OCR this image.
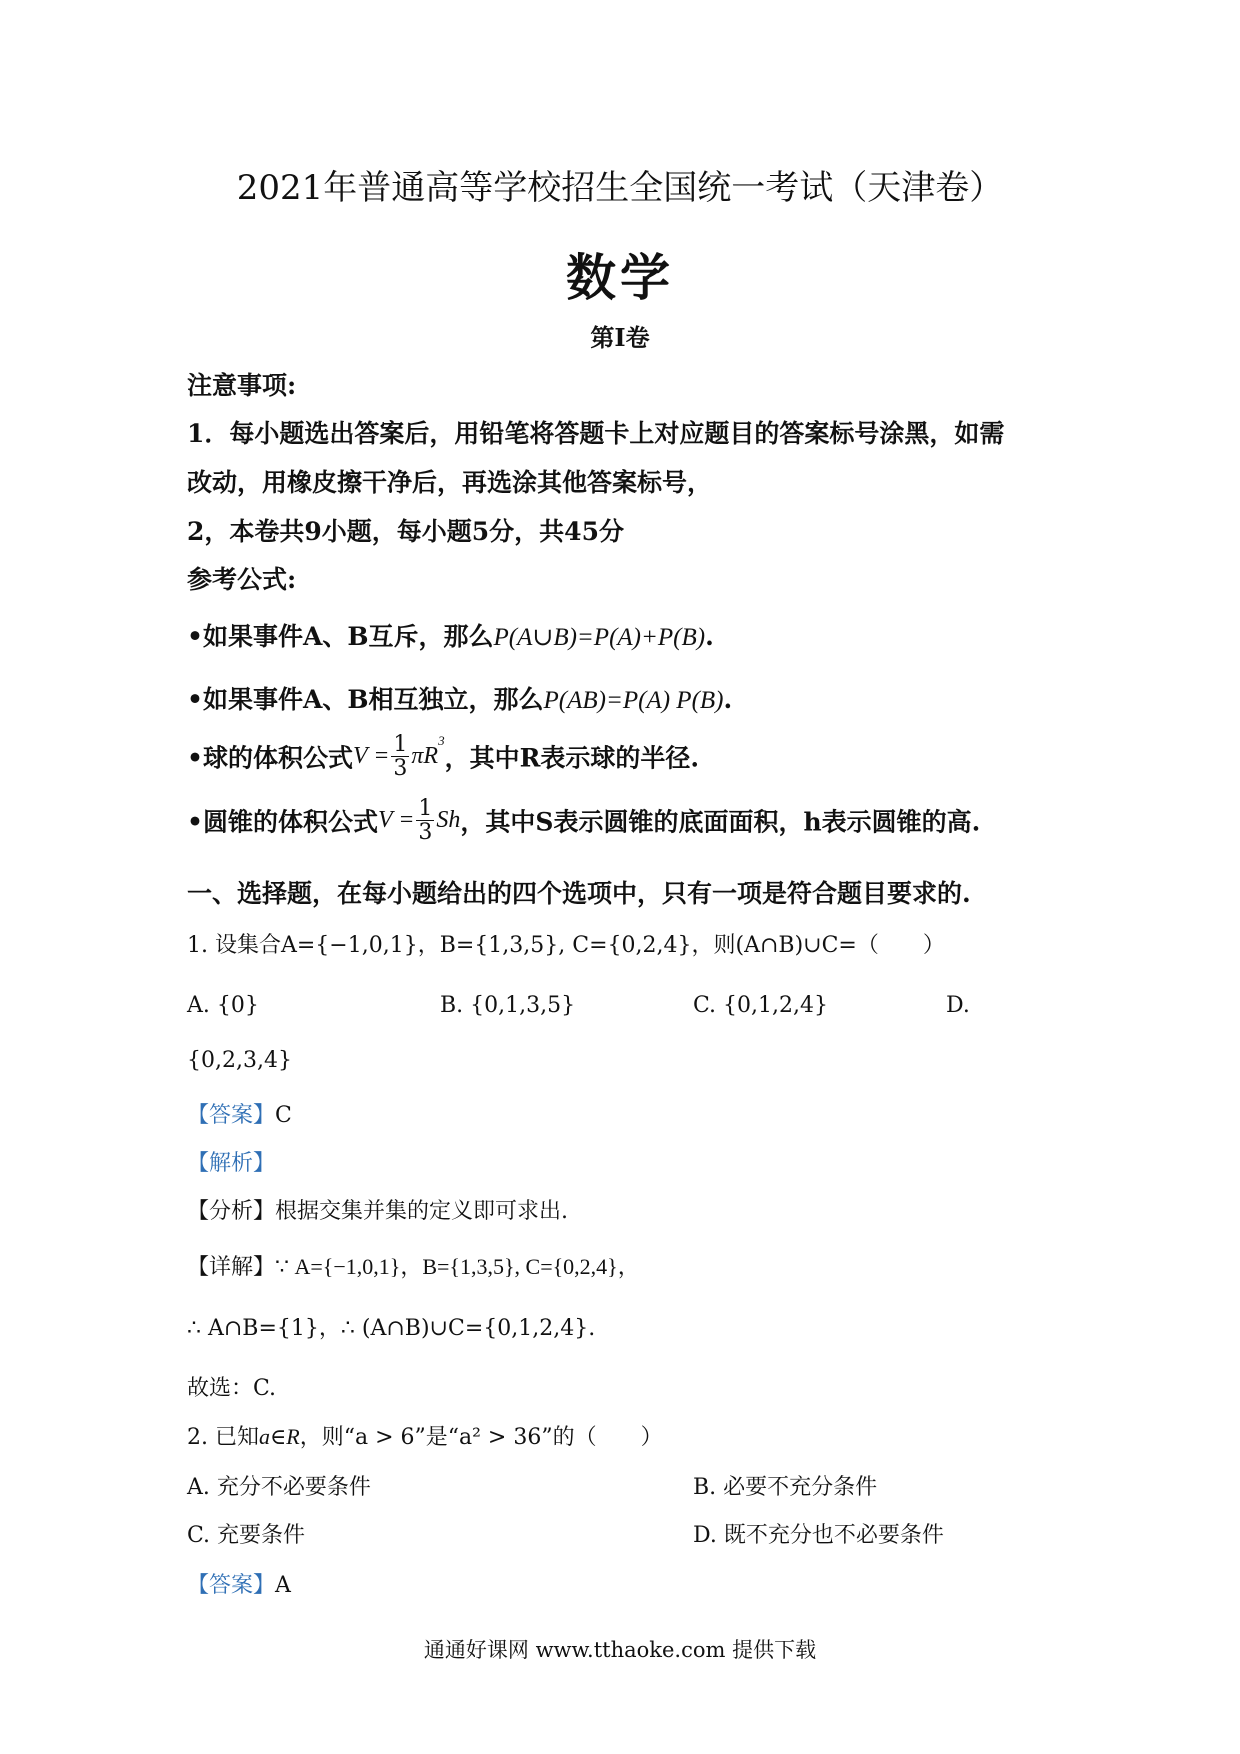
2021年普通高等学校招生全国统一考试（天津卷）
数学
第I卷
注意事项:
1．每小题选出答案后，用铅笔将答题卡上对应题目的答案标号涂黑，如需
改动，用橡皮擦干净后，再选涂其他答案标号，
2，本卷共9小题，每小题5分，共45分
参考公式:
•如果事件A、B互斥，那么P(A∪B)=P(A)+P(B).
•如果事件A、B相互独立，那么P(AB)=P(A) P(B).
•球的体积公式$V = \frac{1}{3} \pi R^3$，其中R表示球的半径.
•圆锥的体积公式$V = \frac{1}{3}$ Sh，其中S表示圆锥的底面面积，h表示圆锥的高.
一、选择题，在每小题给出的四个选项中，只有一项是符合题目要求的.
1. 设集合A={−1,0,1}，B={1,3,5}, C={0,2,4}，则(A∩B)∪C=（　　）
A. {0}	B. {0,1,3,5}	C. {0,1,2,4}	D.
{0,2,3,4}
【答案】C
【解析】
【分析】根据交集并集的定义即可求出.
【详解】∵ A={−1,0,1}，B={1,3,5}, C={0,2,4}，
∴ A∩B={1}，∴ (A∩B)∪C={0,1,2,4}.
故选：C.
2. 已知a∈R，则“a > 6”是“a² > 36”的（　　）
A. 充分不必要条件	B. 必要不充分条件
C. 充要条件	D. 既不充分也不必要条件
【答案】A
通通好课网 www.tthaoke.com 提供下载
